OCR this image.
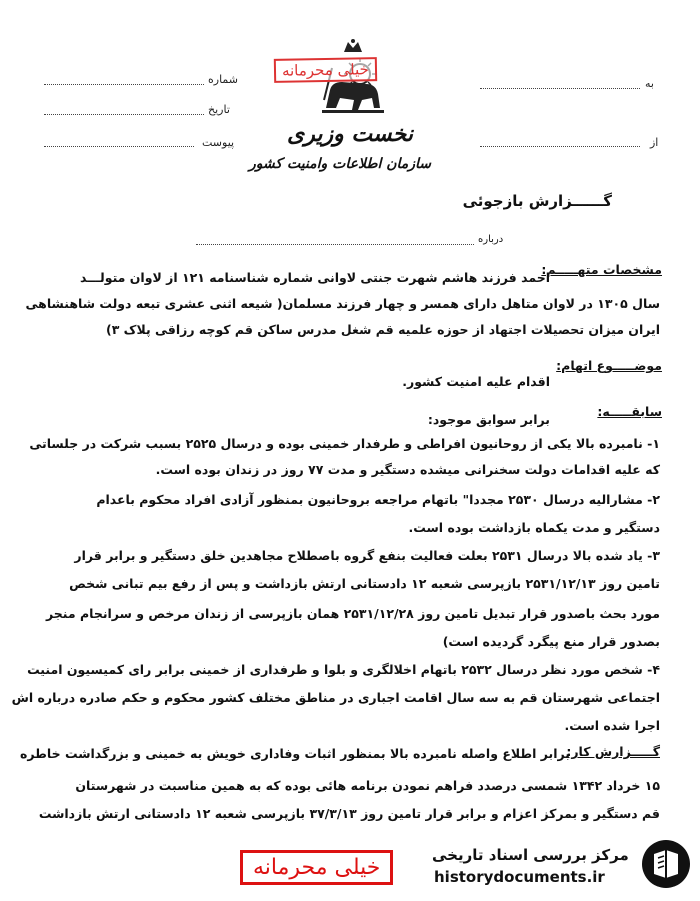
شماره
تاریخ
پیوست
به
از
خیلی محرمانه
نخست وزیری
سازمان اطلاعات وامنیت کشور
گــــــزارش بازجوئی
درباره
مشخصات متهـــــم:
احمد فرزند هاشم شهرت جنتی لاوانی شماره شناسنامه ۱۲۱ از لاوان متولـــد
سال ۱۳۰۵ در لاوان متاهل دارای همسر و چهار فرزند مسلمان( شیعه اثنی عشری تبعه دولت شاهنشاهی
ایران میزان تحصیلات اجتهاد از حوزه علمیه قم شغل مدرس ساکن قم کوچه رزاقی پلاک ۳)
موضـــــوع اتهام:
اقدام علیه امنیت کشور.
سابقـــــه:
برابر سوابق موجود:
۱- نامبرده بالا یکی از روحانیون افراطی و طرفدار خمینی بوده و درسال ۲۵۲۵ بسبب شرکت در جلساتی
که علیه اقدامات دولت سخنرانی میشده دستگیر و مدت ۷۷ روز در زندان بوده است.
۲- مشارالیه درسال ۲۵۳۰ مجددا" باتهام مراجعه بروحانیون بمنظور آزادی افراد محکوم باعدام
دستگیر و مدت یکماه بازداشت بوده است.
۳- یاد شده بالا درسال ۲۵۳۱ بعلت فعالیت بنفع گروه باصطلاح مجاهدین خلق دستگیر و برابر قرار
تامین روز ۲۵۳۱/۱۲/۱۳ بازپرسی شعبه ۱۲ دادستانی ارتش بازداشت و پس از رفع بیم تبانی شخص
مورد بحث باصدور قرار تبدیل تامین روز ۲۵۳۱/۱۲/۲۸ همان بازپرسی از زندان مرخص و سرانجام منجر
بصدور قرار منع پیگرد گردیده است)
۴- شخص مورد نظر درسال ۲۵۳۲ باتهام اخلالگری و بلوا و طرفداری از خمینی برابر رای کمیسیون امنیت
اجتماعی شهرستان قم به سه سال اقامت اجباری در مناطق مختلف کشور محکوم و حکم صادره درباره اش
اجرا شده است.
گـــــزارش کار:
برابر اطلاع واصله نامبرده بالا بمنظور اثبات وفاداری خویش به خمینی و بزرگداشت خاطره
۱۵ خرداد ۱۳۴۲ شمسی درصدد فراهم نمودن برنامه هائی بوده که به همین مناسبت در شهرستان
قم دستگیر و بمرکز اعزام و برابر قرار تامین روز ۳۷/۳/۱۳ بازپرسی شعبه ۱۲ دادستانی ارتش بازداشت
خیلی محرمانه	مرکز بررسی اسناد تاریخی
historydocuments.ir
